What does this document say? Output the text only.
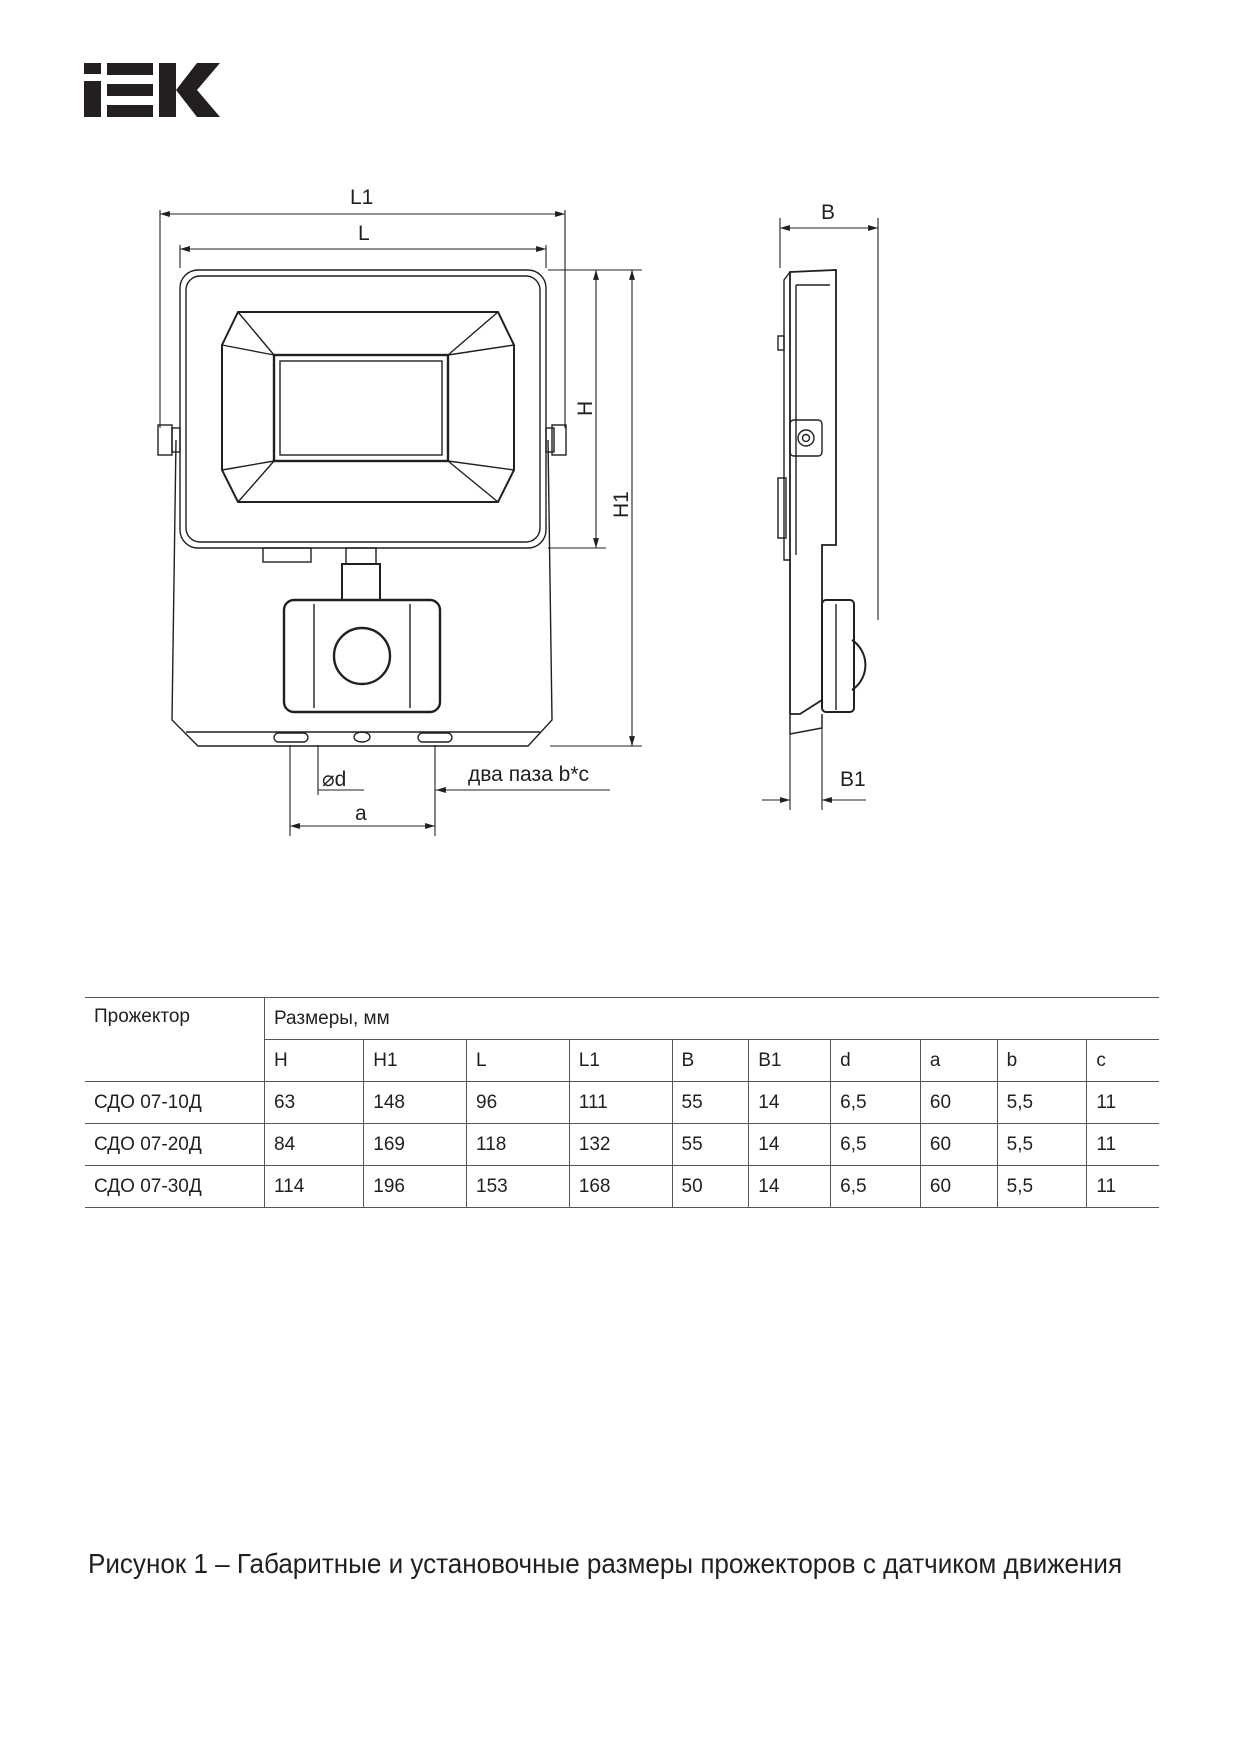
L1
L
H
H1
B
B1
⌀d
a
два паза b*c
Прожектор	Размеры, мм									
	H	H1	L	L1	B	B1	d	a	b	c
СДО 07-10Д	63	148	96	111	55	14	6,5	60	5,5	11
СДО 07-20Д	84	169	118	132	55	14	6,5	60	5,5	11
СДО 07-30Д	114	196	153	168	50	14	6,5	60	5,5	11
Рисунок 1 – Габаритные и установочные размеры прожекторов с датчиком движения
